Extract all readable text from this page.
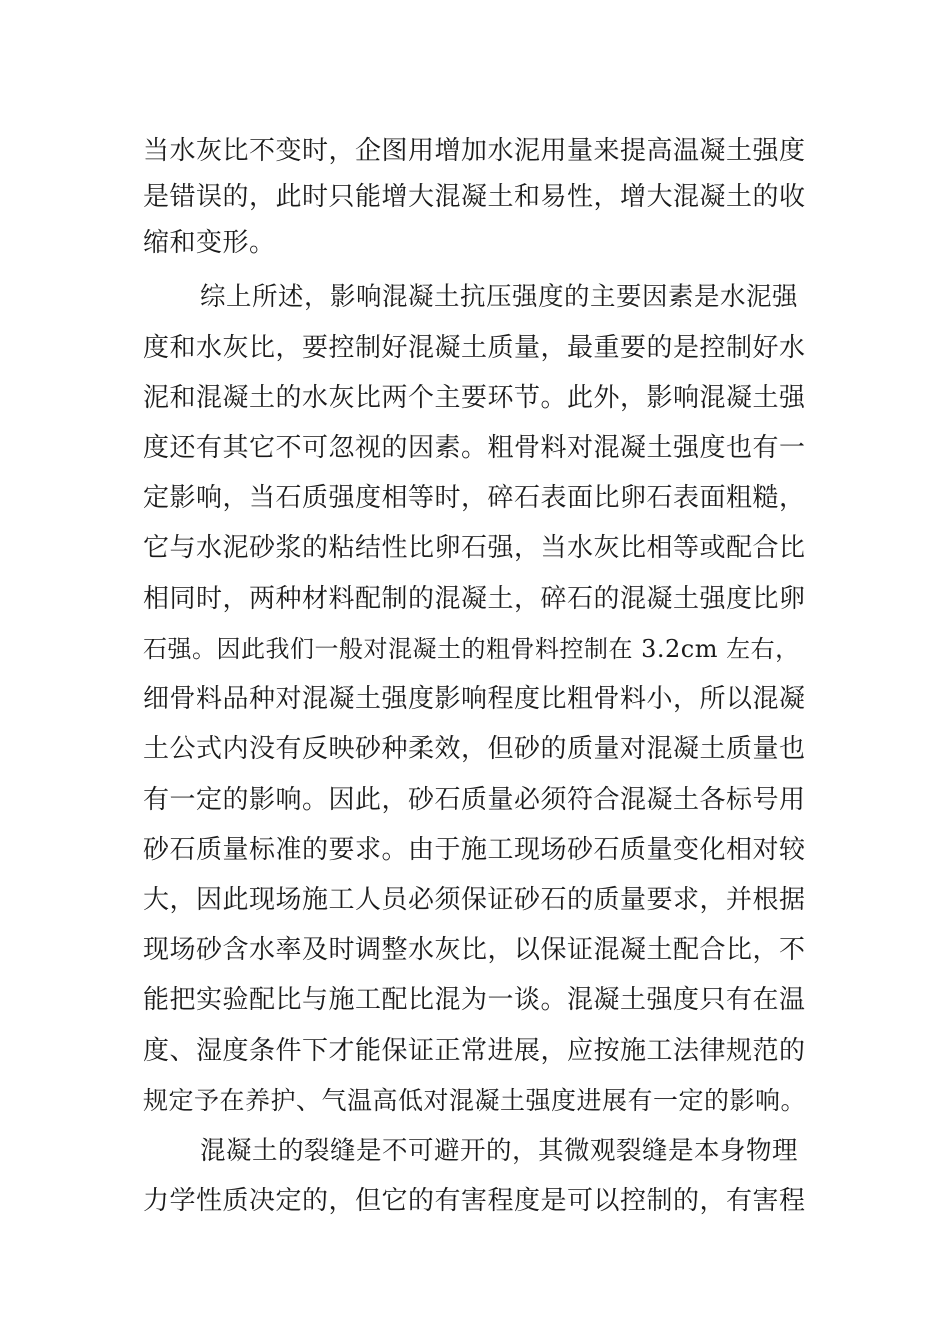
当水灰比不变时，企图用增加水泥用量来提高温凝土强度
是错误的，此时只能增大混凝土和易性，增大混凝土的收
缩和变形。
综上所述，影响混凝土抗压强度的主要因素是水泥强
度和水灰比，要控制好混凝土质量，最重要的是控制好水
泥和混凝土的水灰比两个主要环节。此外，影响混凝土强
度还有其它不可忽视的因素。粗骨料对混凝土强度也有一
定影响，当石质强度相等时，碎石表面比卵石表面粗糙，
它与水泥砂浆的粘结性比卵石强，当水灰比相等或配合比
相同时，两种材料配制的混凝土，碎石的混凝土强度比卵
石强。因此我们一般对混凝土的粗骨料控制在 3.2cm 左右，
细骨料品种对混凝土强度影响程度比粗骨料小，所以混凝
土公式内没有反映砂种柔效，但砂的质量对混凝土质量也
有一定的影响。因此，砂石质量必须符合混凝土各标号用
砂石质量标准的要求。由于施工现场砂石质量变化相对较
大，因此现场施工人员必须保证砂石的质量要求，并根据
现场砂含水率及时调整水灰比，以保证混凝土配合比，不
能把实验配比与施工配比混为一谈。混凝土强度只有在温
度、湿度条件下才能保证正常进展，应按施工法律规范的
规定予在养护、气温高低对混凝土强度进展有一定的影响。
混凝土的裂缝是不可避开的，其微观裂缝是本身物理
力学性质决定的，但它的有害程度是可以控制的，有害程
